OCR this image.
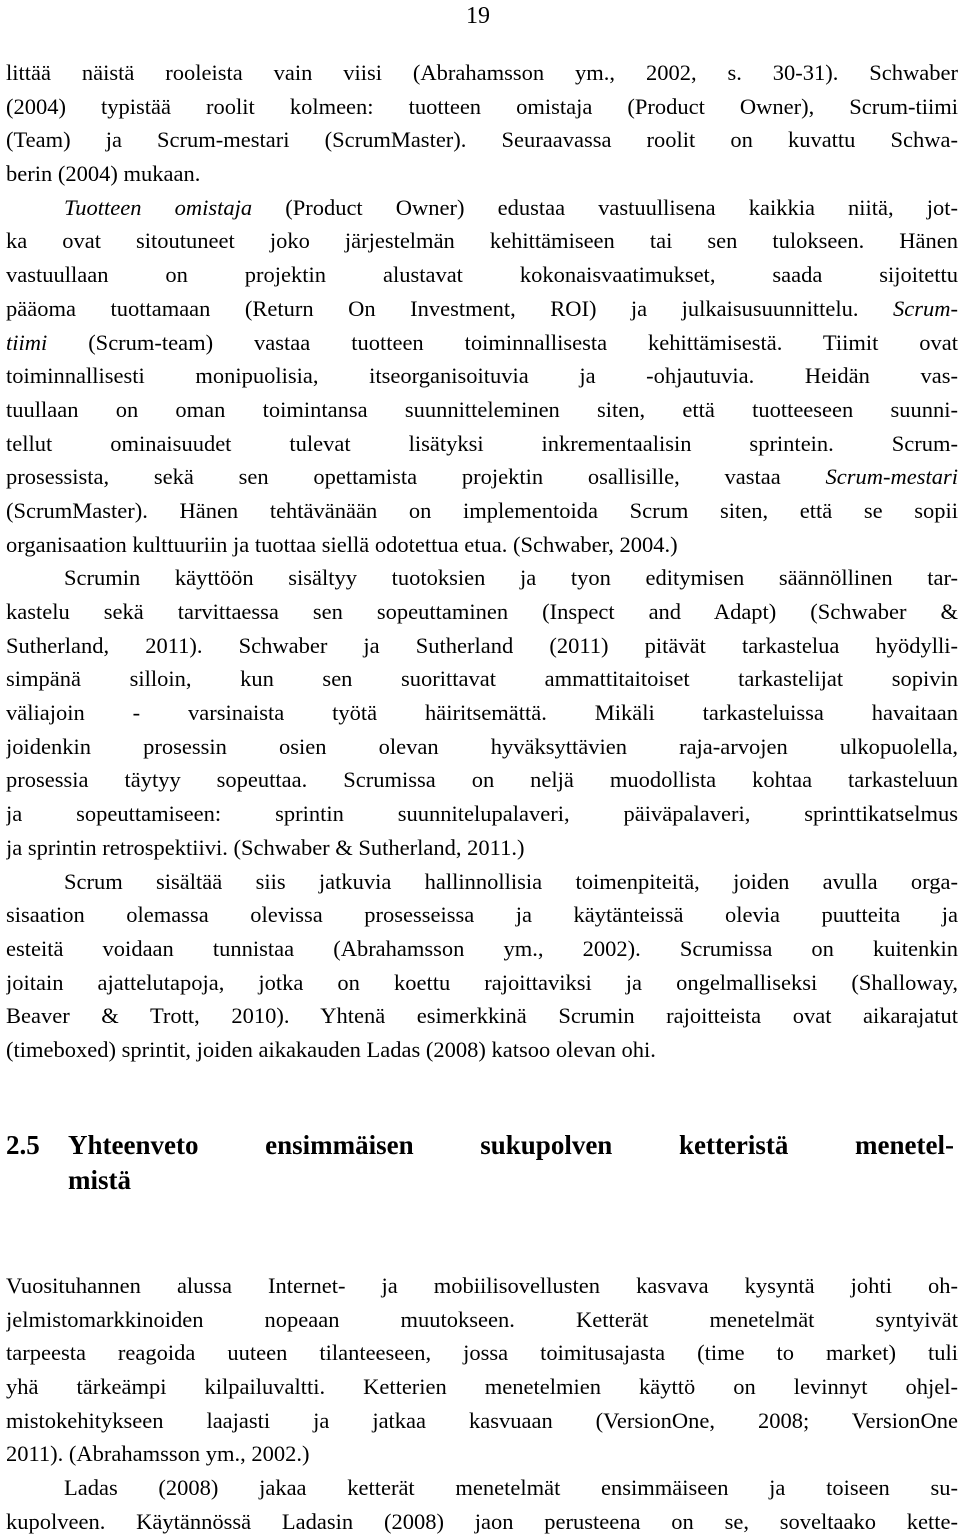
19
littää näistä rooleista vain viisi (Abrahamsson ym., 2002, s. 30-31). Schwaber
(2004) typistää roolit kolmeen: tuotteen omistaja (Product Owner), Scrum-tiimi
(Team) ja Scrum-mestari (ScrumMaster). Seuraavassa roolit on kuvattu Schwa-
berin (2004) mukaan.
Tuotteen omistaja (Product Owner) edustaa vastuullisena kaikkia niitä, jot-
ka ovat sitoutuneet joko järjestelmän kehittämiseen tai sen tulokseen. Hänen
vastuullaan on projektin alustavat kokonaisvaatimukset, saada sijoitettu
pääoma tuottamaan (Return On Investment, ROI) ja julkaisusuunnittelu. Scrum-
tiimi (Scrum-team) vastaa tuotteen toiminnallisesta kehittämisestä. Tiimit ovat
toiminnallisesti monipuolisia, itseorganisoituvia ja -ohjautuvia. Heidän vas-
tuullaan on oman toimintansa suunnitteleminen siten, että tuotteeseen suunni-
tellut ominaisuudet tulevat lisätyksi inkrementaalisin sprintein. Scrum-
prosessista, sekä sen opettamista projektin osallisille, vastaa Scrum-mestari
(ScrumMaster). Hänen tehtävänään on implementoida Scrum siten, että se sopii
organisaation kulttuuriin ja tuottaa siellä odotettua etua. (Schwaber, 2004.)
Scrumin käyttöön sisältyy tuotoksien ja tyon editymisen säännöllinen tar-
kastelu sekä tarvittaessa sen sopeuttaminen (Inspect and Adapt) (Schwaber &
Sutherland, 2011). Schwaber ja Sutherland (2011) pitävät tarkastelua hyödylli-
simpänä silloin, kun sen suorittavat ammattitaitoiset tarkastelijat sopivin
väliajoin - varsinaista työtä häiritsemättä. Mikäli tarkasteluissa havaitaan
joidenkin prosessin osien olevan hyväksyttävien raja-arvojen ulkopuolella,
prosessia täytyy sopeuttaa. Scrumissa on neljä muodollista kohtaa tarkasteluun
ja sopeuttamiseen: sprintin suunnitelupalaveri, päiväpalaveri, sprinttikatselmus
ja sprintin retrospektiivi. (Schwaber & Sutherland, 2011.)
Scrum sisältää siis jatkuvia hallinnollisia toimenpiteitä, joiden avulla orga-
sisaation olemassa olevissa prosesseissa ja käytänteissä olevia puutteita ja
esteitä voidaan tunnistaa (Abrahamsson ym., 2002). Scrumissa on kuitenkin
joitain ajattelutapoja, jotka on koettu rajoittaviksi ja ongelmalliseksi (Shalloway,
Beaver & Trott, 2010). Yhtenä esimerkkinä Scrumin rajoitteista ovat aikarajatut
(timeboxed) sprintit, joiden aikakauden Ladas (2008) katsoo olevan ohi.
2.5 Yhteenveto ensimmäisen sukupolven ketteristä menetel-
mistä
Vuosituhannen alussa Internet- ja mobiilisovellusten kasvava kysyntä johti oh-
jelmistomarkkinoiden nopeaan muutokseen. Ketterät menetelmät syntyivät
tarpeesta reagoida uuteen tilanteeseen, jossa toimitusajasta (time to market) tuli
yhä tärkeämpi kilpailuvaltti. Ketterien menetelmien käyttö on levinnyt ohjel-
mistokehitykseen laajasti ja jatkaa kasvuaan (VersionOne, 2008; VersionOne
2011). (Abrahamsson ym., 2002.)
Ladas (2008) jakaa ketterät menetelmät ensimmäiseen ja toiseen su-
kupolveen. Käytännössä Ladasin (2008) jaon perusteena on se, soveltaako kette-
